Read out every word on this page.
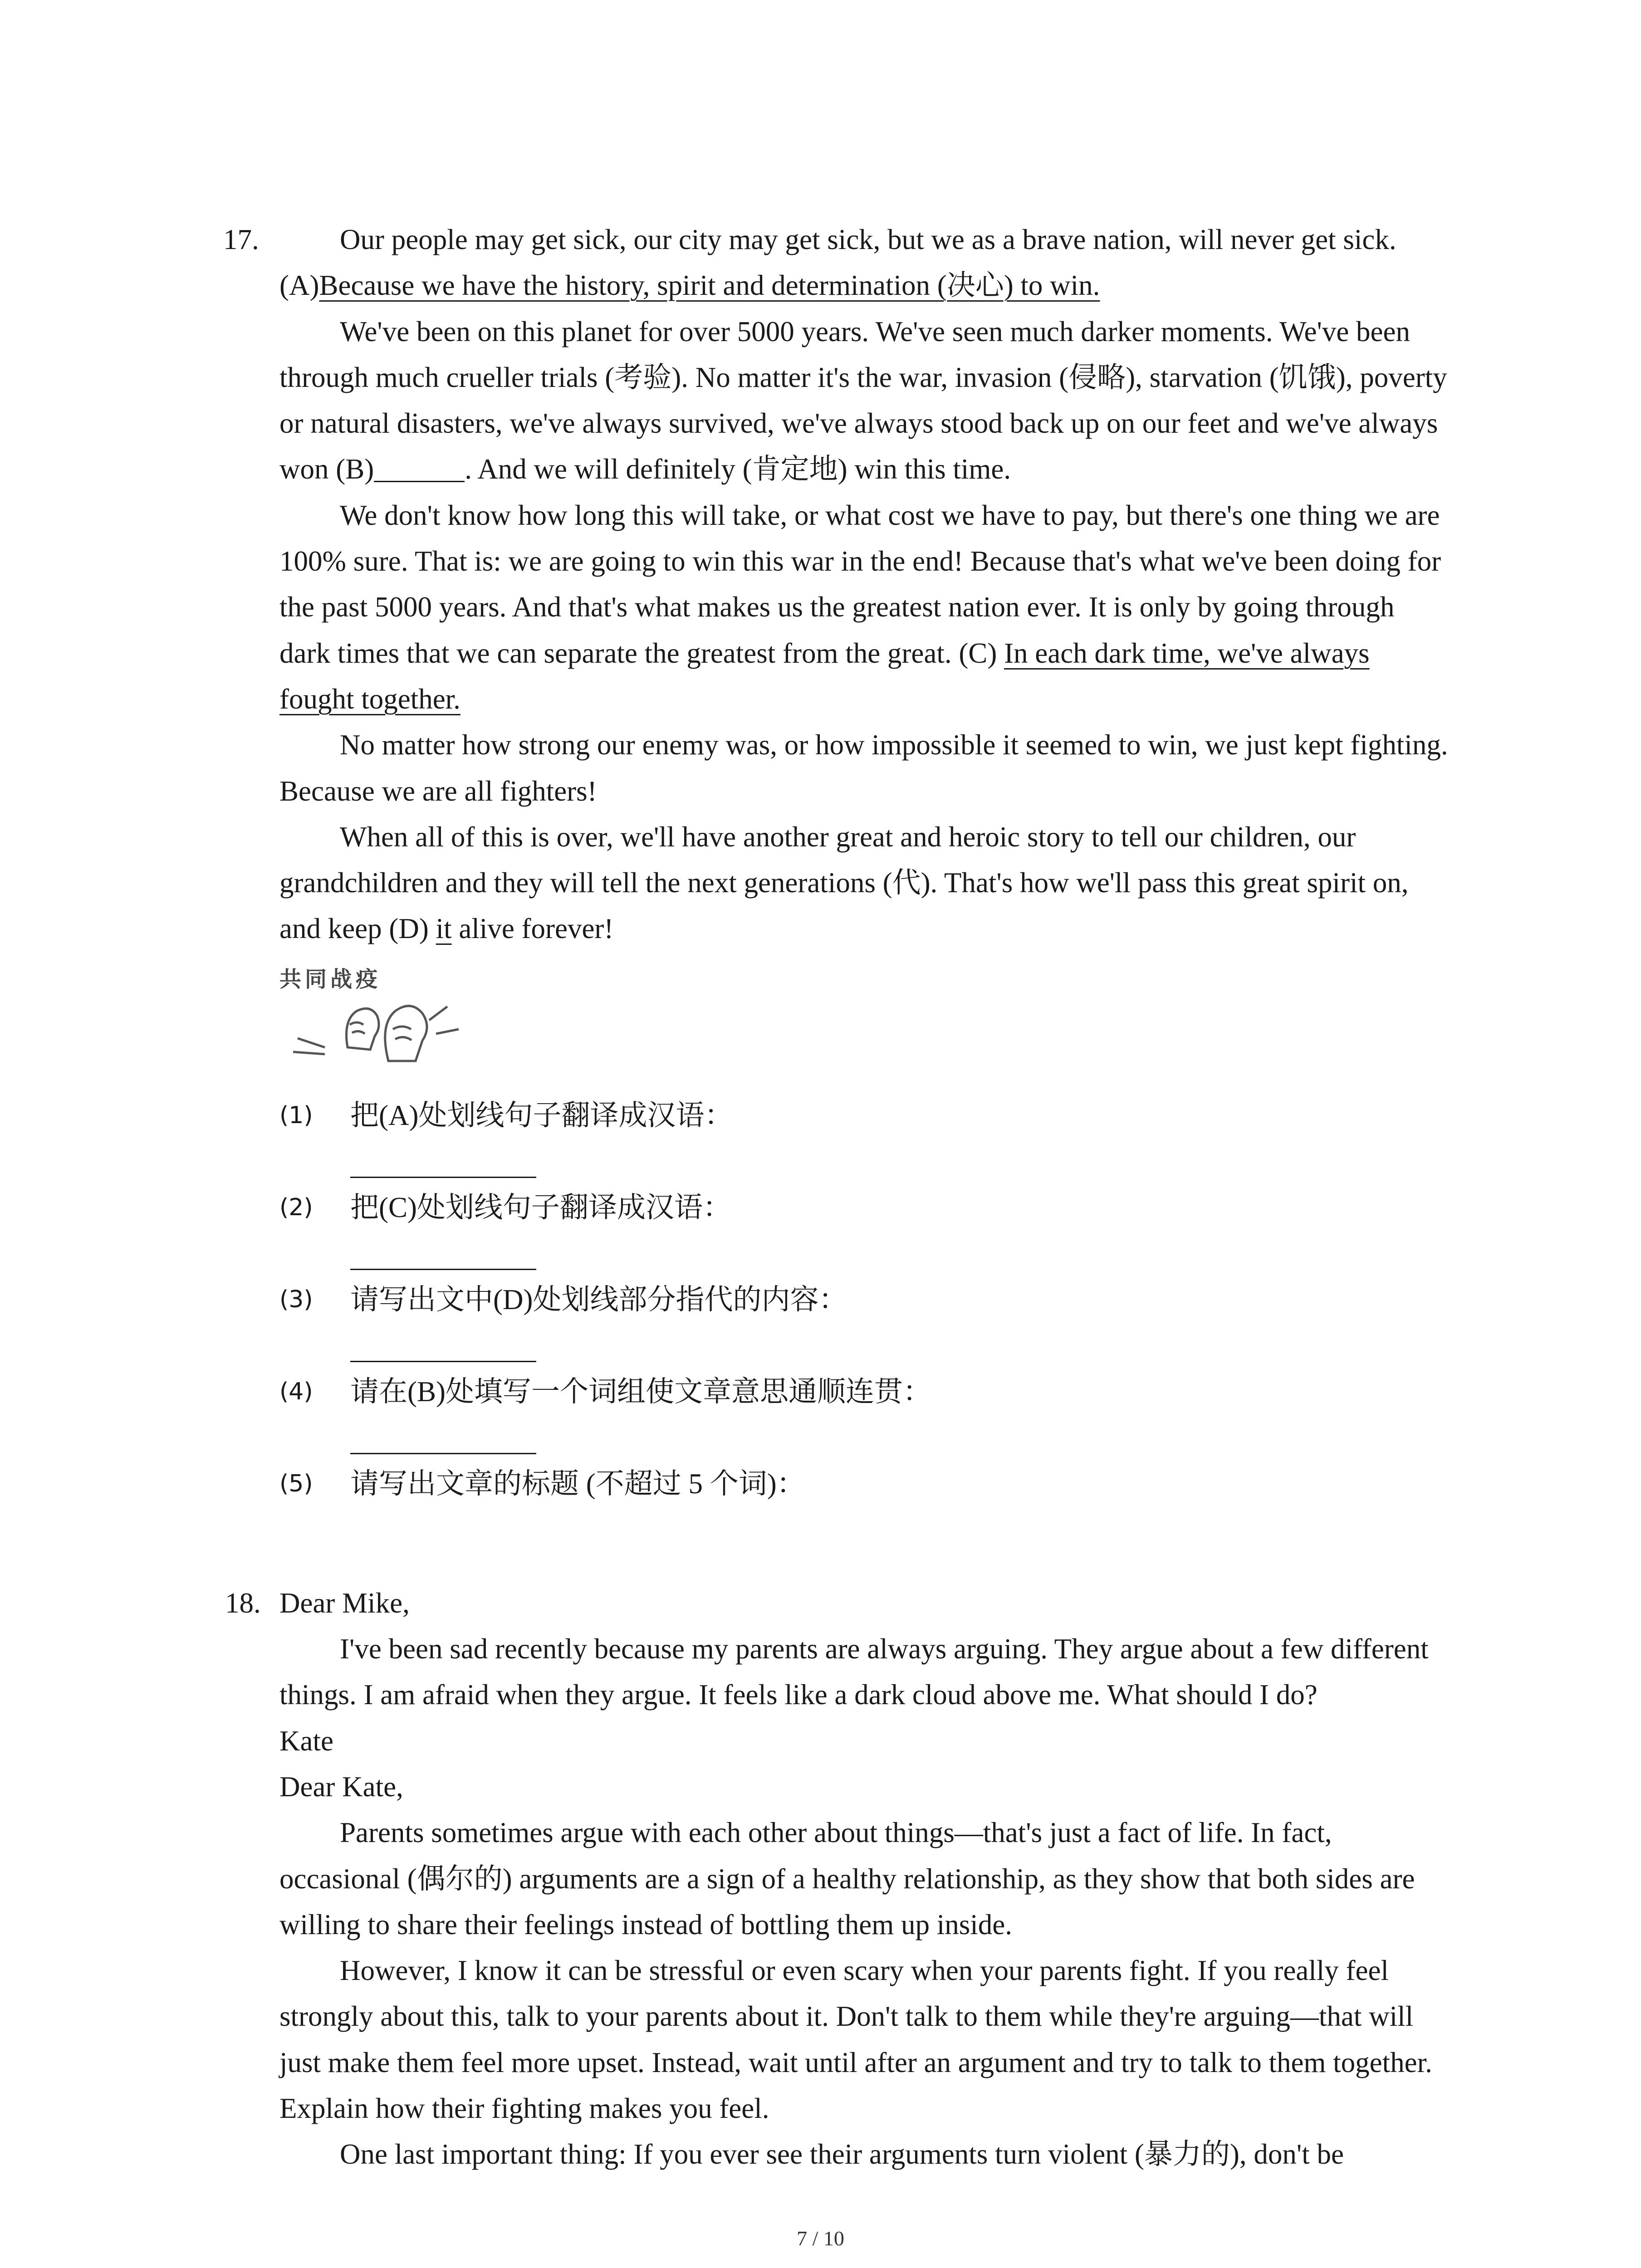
17.	Our people may get sick, our city may get sick, but we as a brave nation, will never get sick. (A)Because we have the history, spirit and determination (决心) to win.

We've been on this planet for over 5000 years. We've seen much darker moments. We've been through much crueller trials (考验). No matter it's the war, invasion (侵略), starvation (饥饿), poverty or natural disasters, we've always survived, we've always stood back up on our feet and we've always won (B)	. And we will definitely (肯定地) win this time.

We don't know how long this will take, or what cost we have to pay, but there's one thing we are 100% sure. That is: we are going to win this war in the end! Because that's what we've been doing for the past 5000 years. And that's what makes us the greatest nation ever. It is only by going through dark times that we can separate the greatest from the great. (C) In each dark time, we've always fought together.

No matter how strong our enemy was, or how impossible it seemed to win, we just kept fighting. Because we are all fighters!

When all of this is over, we'll have another great and heroic story to tell our children, our grandchildren and they will tell the next generations (代). That's how we'll pass this great spirit on, and keep (D) it alive forever!

共同战疫
(1) 把(A)处划线句子翻译成汉语：
(2) 把(C)处划线句子翻译成汉语：
(3) 请写出文中(D)处划线部分指代的内容：
(4) 请在(B)处填写一个词组使文章意思通顺连贯：
(5) 请写出文章的标题 (不超过 5 个词)：
18. Dear Mike,

I've been sad recently because my parents are always arguing. They argue about a few different things. I am afraid when they argue. It feels like a dark cloud above me. What should I do?

Kate

Dear Kate,

Parents sometimes argue with each other about things—that's just a fact of life. In fact, occasional (偶尔的) arguments are a sign of a healthy relationship, as they show that both sides are willing to share their feelings instead of bottling them up inside.

However, I know it can be stressful or even scary when your parents fight. If you really feel strongly about this, talk to your parents about it. Don't talk to them while they're arguing—that will just make them feel more upset. Instead, wait until after an argument and try to talk to them together. Explain how their fighting makes you feel.

One last important thing: If you ever see their arguments turn violent (暴力的), don't be

7 / 10
